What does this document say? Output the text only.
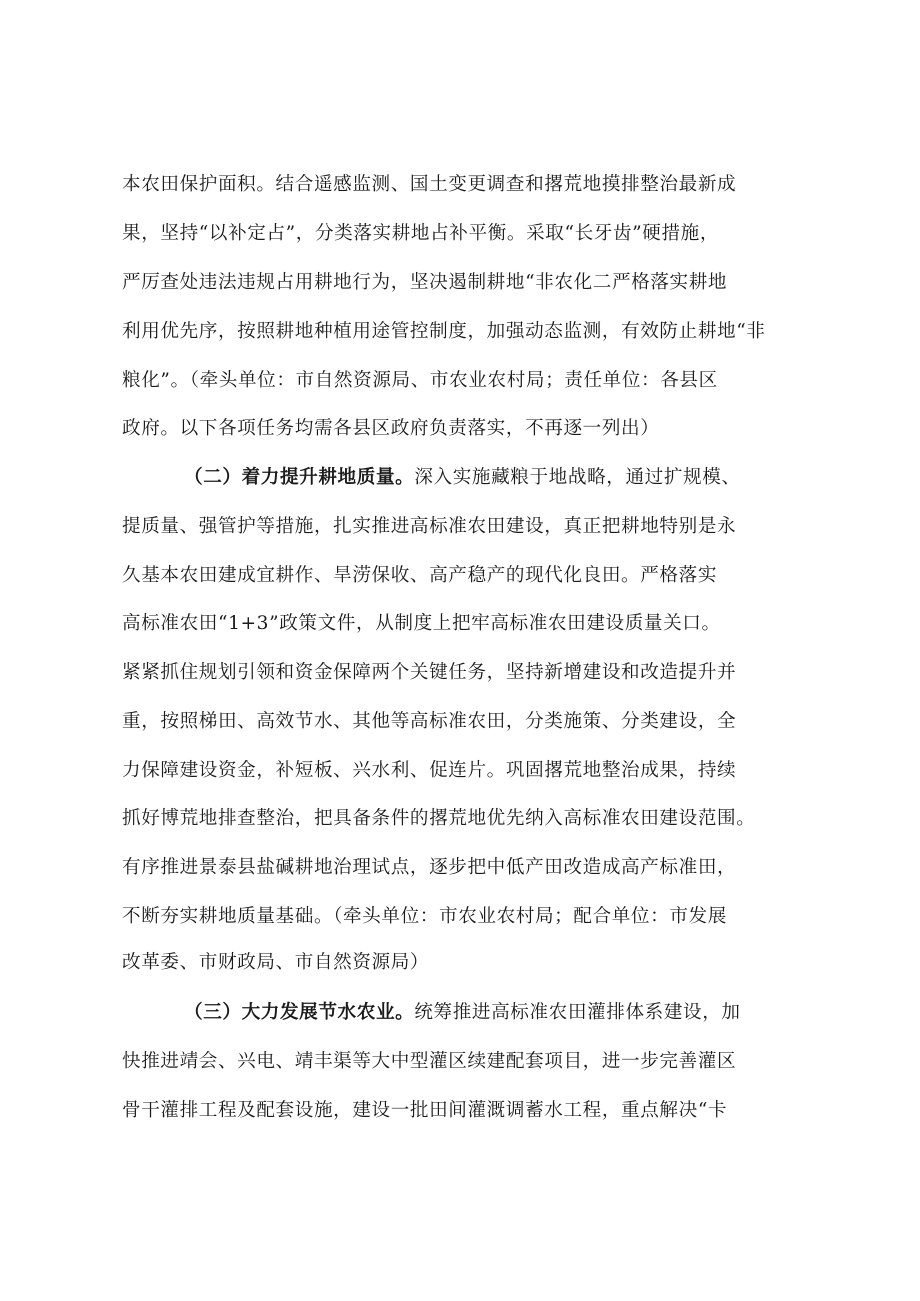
本农田保护面积。结合遥感监测、国土变更调查和撂荒地摸排整治最新成
果，坚持“以补定占”，分类落实耕地占补平衡。采取“长牙齿”硬措施，
严厉查处违法违规占用耕地行为，坚决遏制耕地“非农化二严格落实耕地
利用优先序，按照耕地种植用途管控制度，加强动态监测，有效防止耕地“非
粮化”。（牵头单位：市自然资源局、市农业农村局；责任单位：各县区
政府。以下各项任务均需各县区政府负责落实，不再逐一列出）
（二）着力提升耕地质量。深入实施藏粮于地战略，通过扩规模、
提质量、强管护等措施，扎实推进高标准农田建设，真正把耕地特别是永
久基本农田建成宜耕作、旱涝保收、高产稳产的现代化良田。严格落实
高标准农田“1+3”政策文件，从制度上把牢高标准农田建设质量关口。
紧紧抓住规划引领和资金保障两个关键任务，坚持新增建设和改造提升并
重，按照梯田、高效节水、其他等高标准农田，分类施策、分类建设，全
力保障建设资金，补短板、兴水利、促连片。巩固撂荒地整治成果，持续
抓好博荒地排查整治，把具备条件的撂荒地优先纳入高标准农田建设范围。
有序推进景泰县盐碱耕地治理试点，逐步把中低产田改造成高产标准田，
不断夯实耕地质量基础。（牵头单位：市农业农村局；配合单位：市发展
改革委、市财政局、市自然资源局）
（三）大力发展节水农业。统筹推进高标准农田灌排体系建设，加
快推进靖会、兴电、靖丰渠等大中型灌区续建配套项目，进一步完善灌区
骨干灌排工程及配套设施，建设一批田间灌溉调蓄水工程，重点解决“卡
